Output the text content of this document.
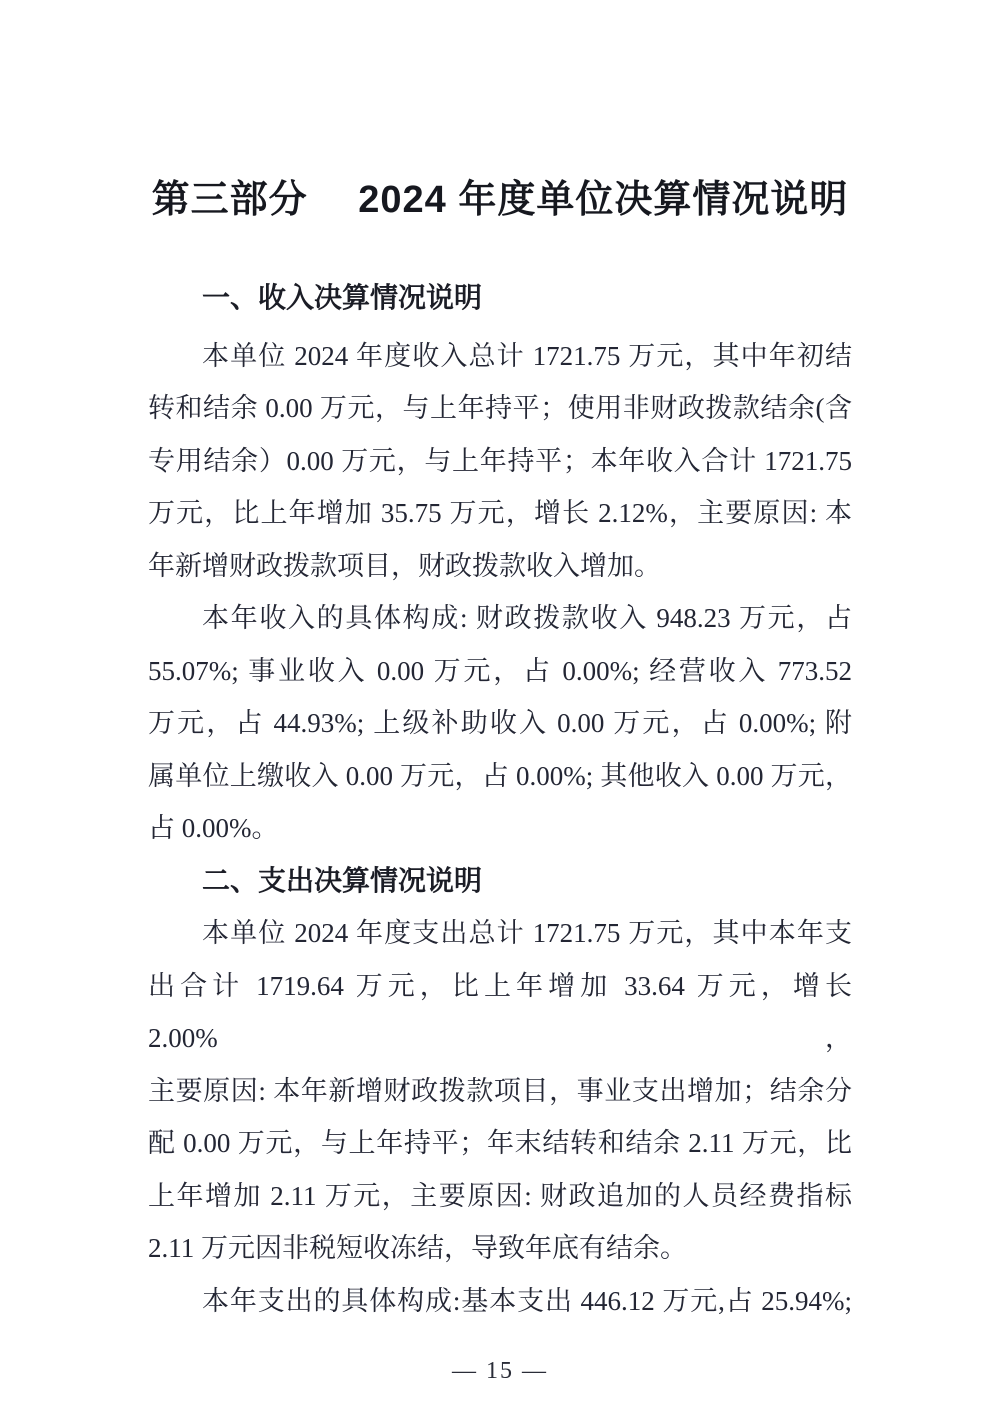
第三部分　 2024 年度单位决算情况说明
一、收入决算情况说明
本单位 2024 年度收入总计 1721.75 万元，其中年初结
转和结余 0.00 万元，与上年持平；使用非财政拨款结余(含
专用结余）0.00 万元，与上年持平；本年收入合计 1721.75
万元，比上年增加 35.75 万元，增长 2.12%，主要原因: 本
年新增财政拨款项目，财政拨款收入增加。
本年收入的具体构成: 财政拨款收入 948.23 万元，占
55.07%; 事业收入 0.00 万元，占 0.00%; 经营收入 773.52
万元，占 44.93%; 上级补助收入 0.00 万元，占 0.00%; 附
属单位上缴收入 0.00 万元，占 0.00%; 其他收入 0.00 万元，
占 0.00%。
二、支出决算情况说明
本单位 2024 年度支出总计 1721.75 万元，其中本年支
出合计 1719.64 万元，比上年增加 33.64 万元，增长 2.00%，
主要原因: 本年新增财政拨款项目，事业支出增加；结余分
配 0.00 万元，与上年持平；年末结转和结余 2.11 万元，比
上年增加 2.11 万元，主要原因: 财政追加的人员经费指标
2.11 万元因非税短收冻结，导致年底有结余。
本年支出的具体构成:基本支出 446.12 万元,占 25.94%;
— 15 —
